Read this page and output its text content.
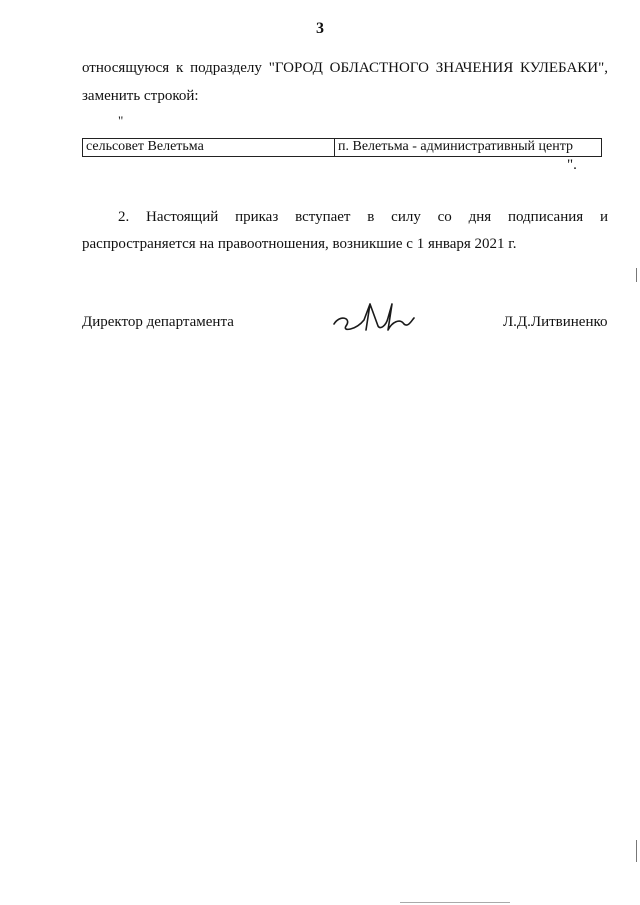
3
относящуюся к подразделу "ГОРОД ОБЛАСТНОГО ЗНАЧЕНИЯ КУЛЕБАКИ",
заменить строкой:
"
сельсовет Велетьма	п. Велетьма - административный центр
".
2. Настоящий приказ вступает в силу со дня подписания и
распространяется на правоотношения, возникшие с 1 января 2021 г.
Директор департамента	Л.Д.Литвиненко
